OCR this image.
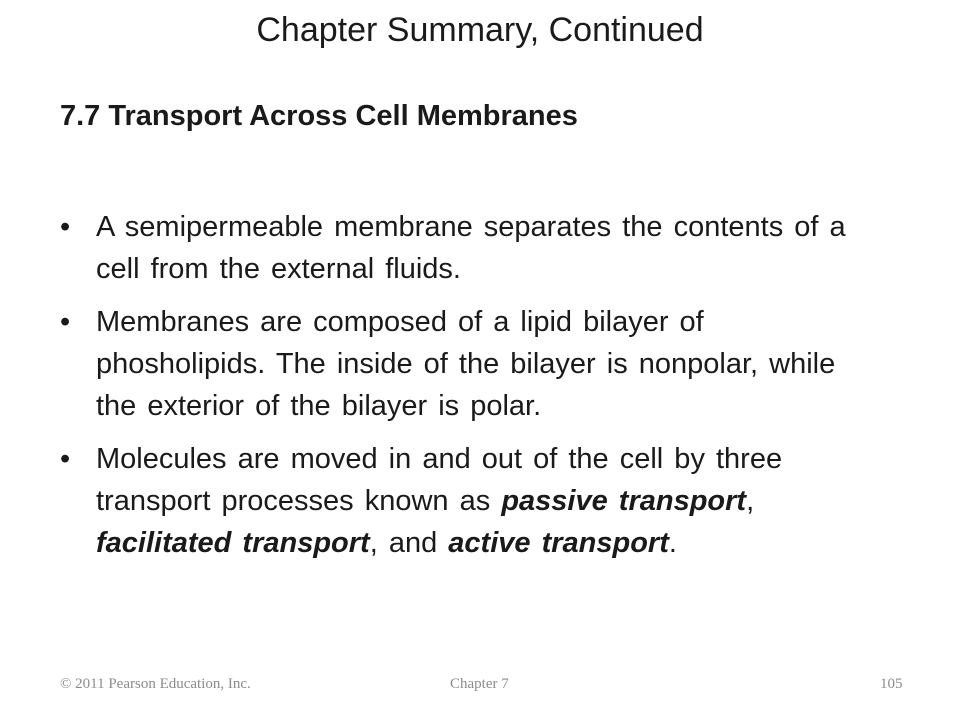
Chapter Summary, Continued
7.7 Transport Across Cell Membranes
• A semipermeable membrane separates the contents of a cell from the external fluids.
• Membranes are composed of a lipid bilayer of phosholipids. The inside of the bilayer is nonpolar, while the exterior of the bilayer is polar.
• Molecules are moved in and out of the cell by three transport processes known as passive transport, facilitated transport, and active transport.
© 2011 Pearson Education, Inc.	Chapter 7	105
